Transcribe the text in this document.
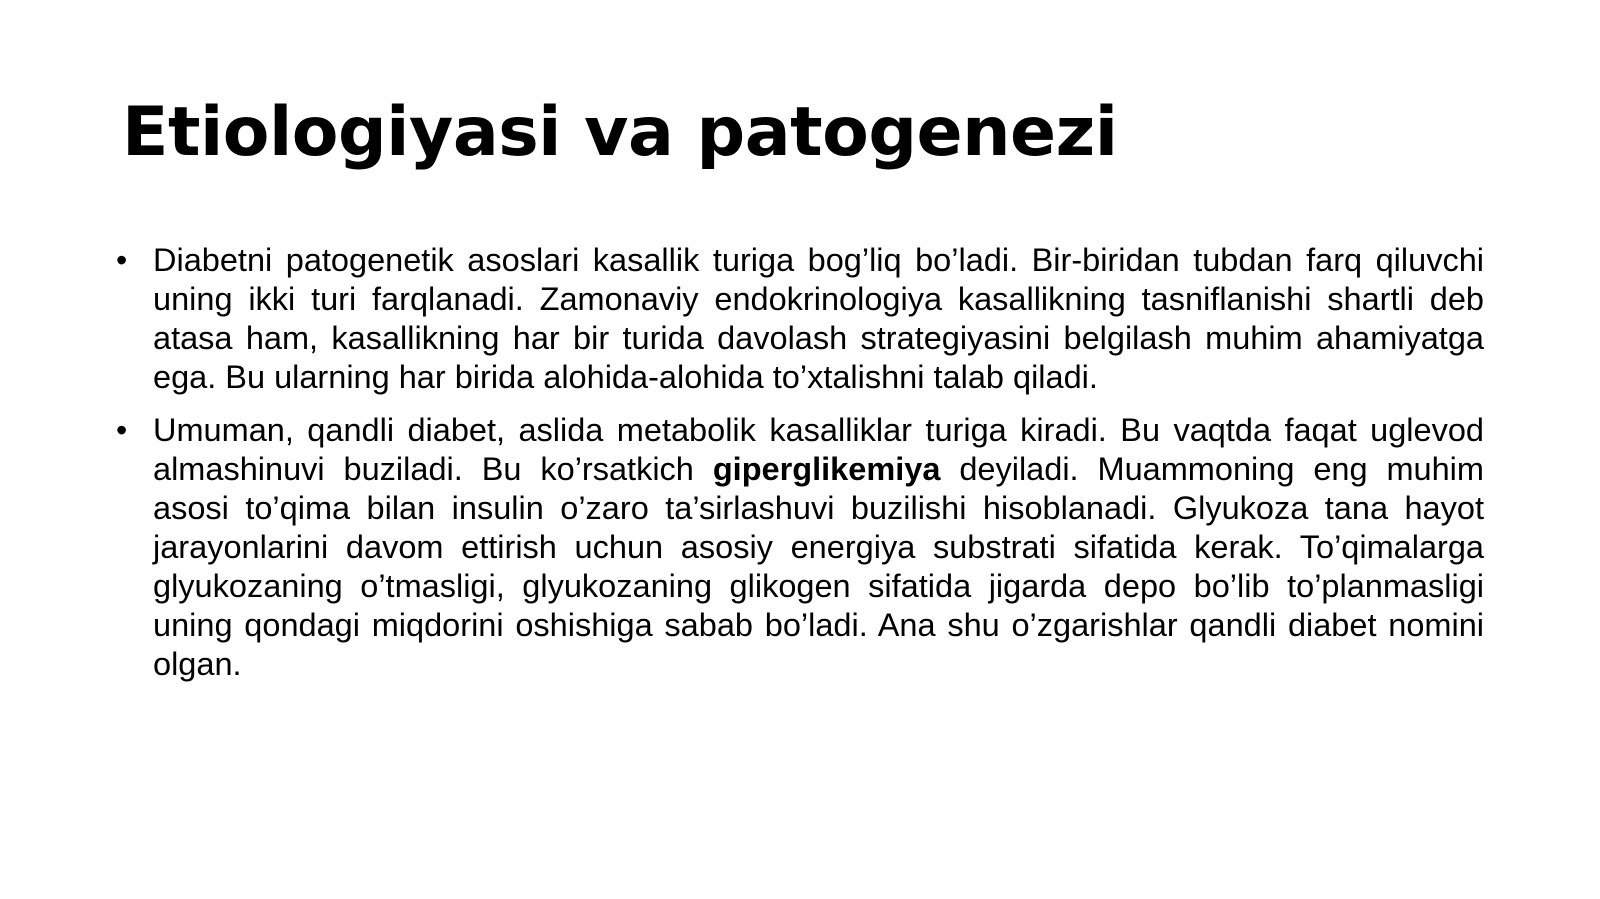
Etiologiyasi va patogenezi

• Diabetni patogenetik asoslari kasallik turiga bog’liq bo’ladi. Bir-biridan tubdan farq qiluvchi uning ikki turi farqlanadi. Zamonaviy endokrinologiya kasallikning tasniflanishi shartli deb atasa ham, kasallikning har bir turida davolash strategiyasini belgilash muhim ahamiyatga ega. Bu ularning har birida alohida-alohida to’xtalishni talab qiladi.

• Umuman, qandli diabet, aslida metabolik kasalliklar turiga kiradi. Bu vaqtda faqat uglevod almashinuvi buziladi. Bu ko’rsatkich giperglikemiya deyiladi. Muammoning eng muhim asosi to’qima bilan insulin o’zaro ta’sirlashuvi buzilishi hisoblanadi. Glyukoza tana hayot jarayonlarini davom ettirish uchun asosiy energiya substrati sifatida kerak. To’qimalarga glyukozaning o’tmasligi, glyukozaning glikogen sifatida jigarda depo bo’lib to’planmasligi uning qondagi miqdorini oshishiga sabab bo’ladi. Ana shu o’zgarishlar qandli diabet nomini olgan.
